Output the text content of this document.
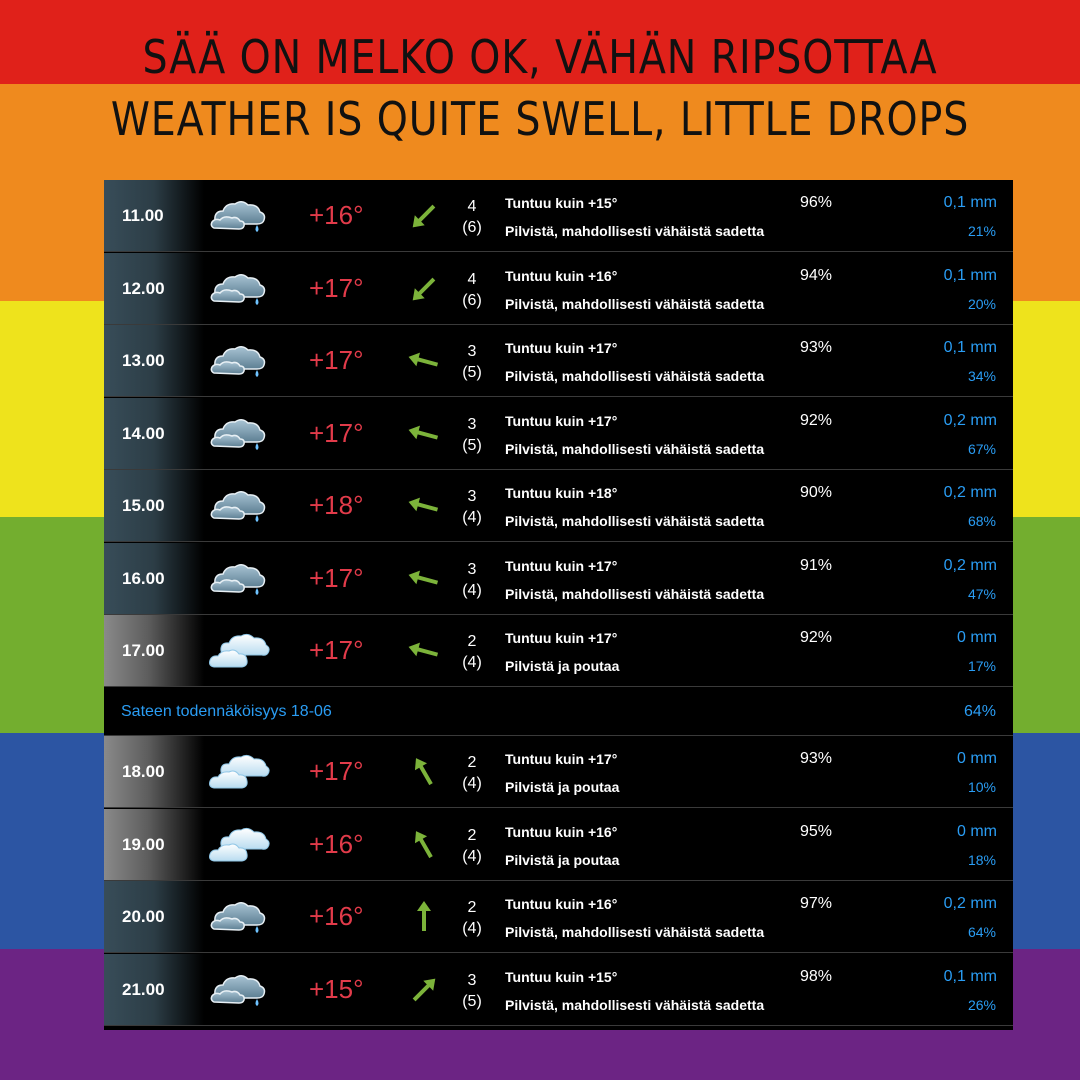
SÄÄ ON MELKO OK, VÄHÄN RIPSOTTAA
WEATHER IS QUITE SWELL, LITTLE DROPS
Sateen todennäköisyys 18-06	64%
11.00	+16°	4
(6)
Tuntuu kuin +15°
Pilvistä, mahdollisesti vähäistä sadetta
96%	0,1 mm
21%
12.00	+17°	4
(6)
Tuntuu kuin +16°
Pilvistä, mahdollisesti vähäistä sadetta
94%	0,1 mm
20%
13.00	+17°	3
(5)
Tuntuu kuin +17°
Pilvistä, mahdollisesti vähäistä sadetta
93%	0,1 mm
34%
14.00	+17°	3
(5)
Tuntuu kuin +17°
Pilvistä, mahdollisesti vähäistä sadetta
92%	0,2 mm
67%
15.00	+18°	3
(4)
Tuntuu kuin +18°
Pilvistä, mahdollisesti vähäistä sadetta
90%	0,2 mm
68%
16.00	+17°	3
(4)
Tuntuu kuin +17°
Pilvistä, mahdollisesti vähäistä sadetta
91%	0,2 mm
47%
17.00	+17°	2
(4)
Tuntuu kuin +17°
Pilvistä ja poutaa
92%	0 mm
17%
18.00	+17°	2
(4)
Tuntuu kuin +17°
Pilvistä ja poutaa
93%	0 mm
10%
19.00	+16°	2
(4)
Tuntuu kuin +16°
Pilvistä ja poutaa
95%	0 mm
18%
20.00	+16°	2
(4)
Tuntuu kuin +16°
Pilvistä, mahdollisesti vähäistä sadetta
97%	0,2 mm
64%
21.00	+15°	3
(5)
Tuntuu kuin +15°
Pilvistä, mahdollisesti vähäistä sadetta
98%	0,1 mm
26%
